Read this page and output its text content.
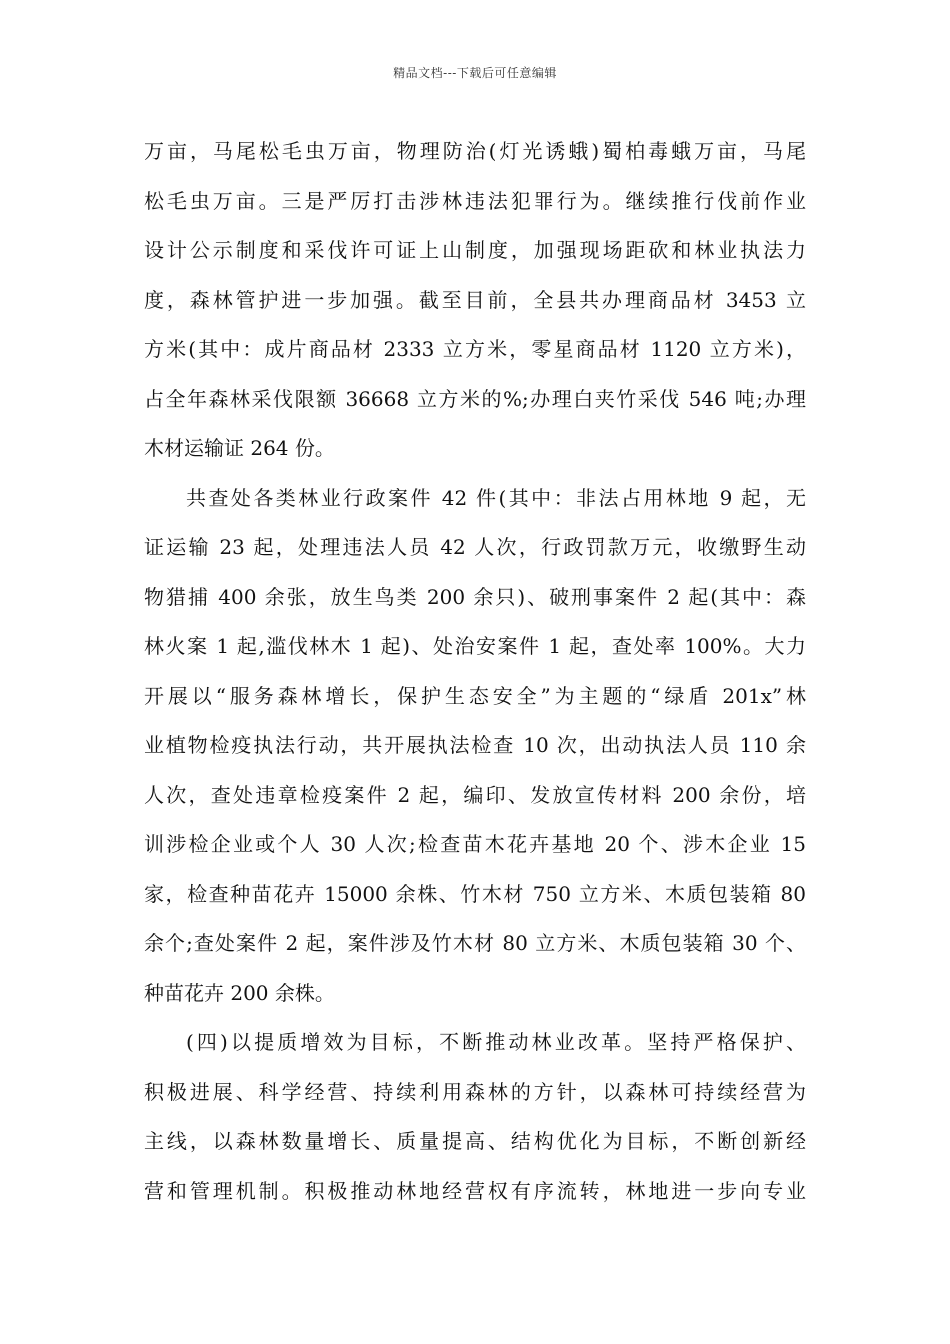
精品文档---下载后可任意编辑
万亩，马尾松毛虫万亩，物理防治(灯光诱蛾)蜀柏毒蛾万亩，马尾
松毛虫万亩。三是严厉打击涉林违法犯罪行为。继续推行伐前作业
设计公示制度和采伐许可证上山制度，加强现场距砍和林业执法力
度，森林管护进一步加强。截至目前，全县共办理商品材 3453 立
方米(其中：成片商品材 2333 立方米，零星商品材 1120 立方米)，
占全年森林采伐限额 36668 立方米的%;办理白夹竹采伐 546 吨;办理
木材运输证 264 份。
共查处各类林业行政案件 42 件(其中：非法占用林地 9 起，无
证运输 23 起，处理违法人员 42 人次，行政罚款万元，收缴野生动
物猎捕 400 余张，放生鸟类 200 余只)、破刑事案件 2 起(其中：森
林火案 1 起,滥伐林木 1 起)、处治安案件 1 起，查处率 100%。大力
开展以“服务森林增长，保护生态安全”为主题的“绿盾 201x”林
业植物检疫执法行动，共开展执法检查 10 次，出动执法人员 110 余
人次，查处违章检疫案件 2 起，编印、发放宣传材料 200 余份，培
训涉检企业或个人 30 人次;检查苗木花卉基地 20 个、涉木企业 15
家，检查种苗花卉 15000 余株、竹木材 750 立方米、木质包装箱 80
余个;查处案件 2 起，案件涉及竹木材 80 立方米、木质包装箱 30 个、
种苗花卉 200 余株。
(四)以提质增效为目标，不断推动林业改革。坚持严格保护、
积极进展、科学经营、持续利用森林的方针，以森林可持续经营为
主线，以森林数量增长、质量提高、结构优化为目标，不断创新经
营和管理机制。积极推动林地经营权有序流转，林地进一步向专业
